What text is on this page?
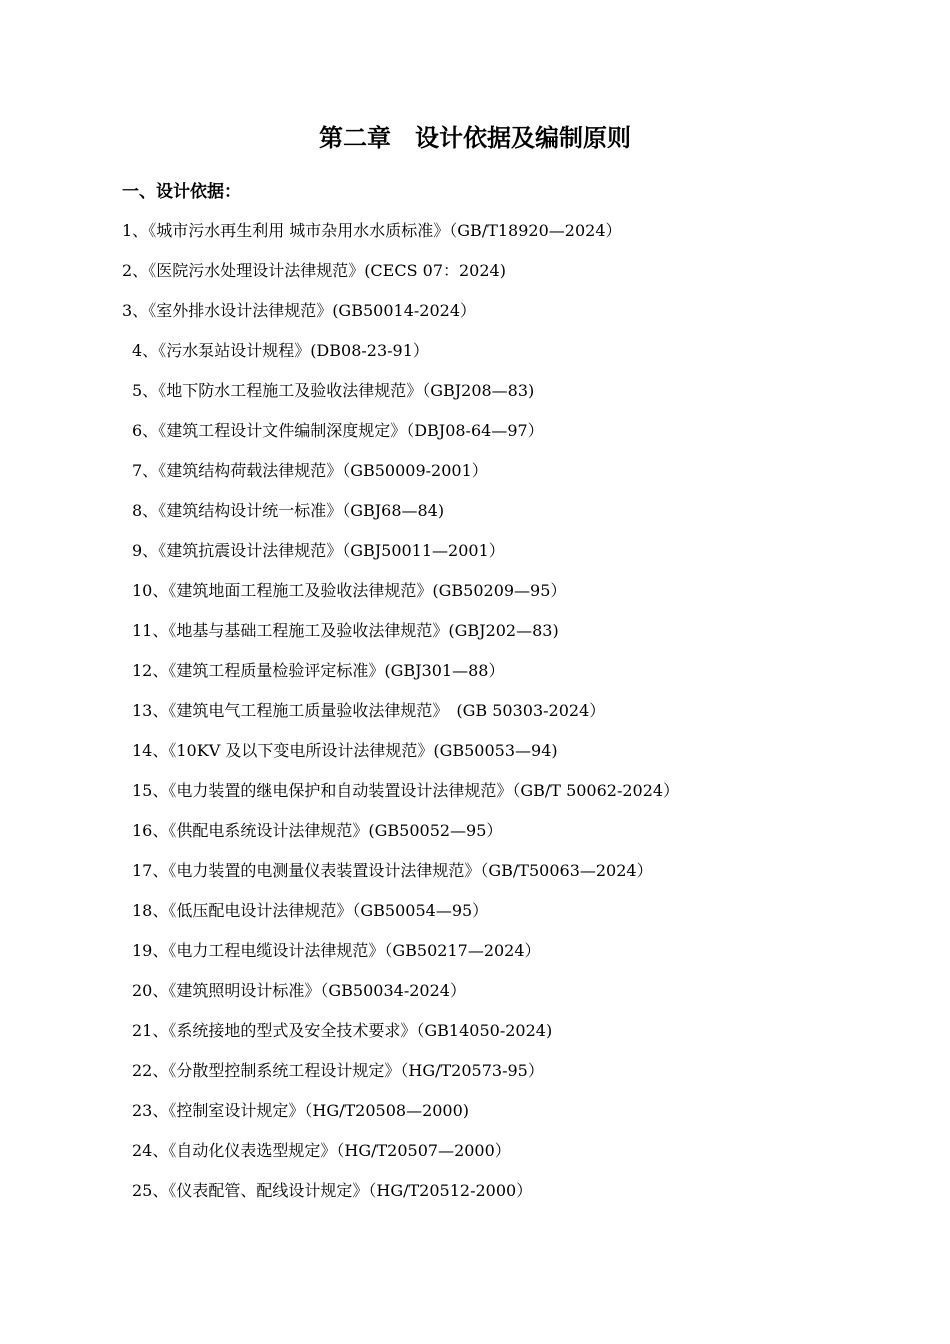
第二章　设计依据及编制原则
一、设计依据：
1、《城市污水再生利用 城市杂用水水质标准》（GB/T18920—2024）
2、《医院污水处理设计法律规范》(CECS 07：2024)
3、《室外排水设计法律规范》(GB50014-2024）
4、《污水泵站设计规程》(DB08-23-91）
5、《地下防水工程施工及验收法律规范》（GBJ208—83)
6、《建筑工程设计文件编制深度规定》（DBJ08-64—97）
7、《建筑结构荷载法律规范》（GB50009-2001）
8、《建筑结构设计统一标准》（GBJ68—84)
9、《建筑抗震设计法律规范》（GBJ50011—2001）
10、《建筑地面工程施工及验收法律规范》(GB50209—95）
11、《地基与基础工程施工及验收法律规范》(GBJ202—83)
12、《建筑工程质量检验评定标准》(GBJ301—88）
13、《建筑电气工程施工质量验收法律规范》　(GB 50303-2024）
14、《10KV 及以下变电所设计法律规范》(GB50053—94)
15、《电力装置的继电保护和自动装置设计法律规范》（GB/T 50062-2024）
16、《供配电系统设计法律规范》(GB50052—95）
17、《电力装置的电测量仪表装置设计法律规范》（GB/T50063—2024）
18、《低压配电设计法律规范》（GB50054—95）
19、《电力工程电缆设计法律规范》（GB50217—2024）
20、《建筑照明设计标准》（GB50034-2024）
21、《系统接地的型式及安全技术要求》（GB14050-2024)
22、《分散型控制系统工程设计规定》（HG/T20573-95）
23、《控制室设计规定》（HG/T20508—2000)
24、《自动化仪表选型规定》（HG/T20507—2000）
25、《仪表配管、配线设计规定》（HG/T20512-2000）
